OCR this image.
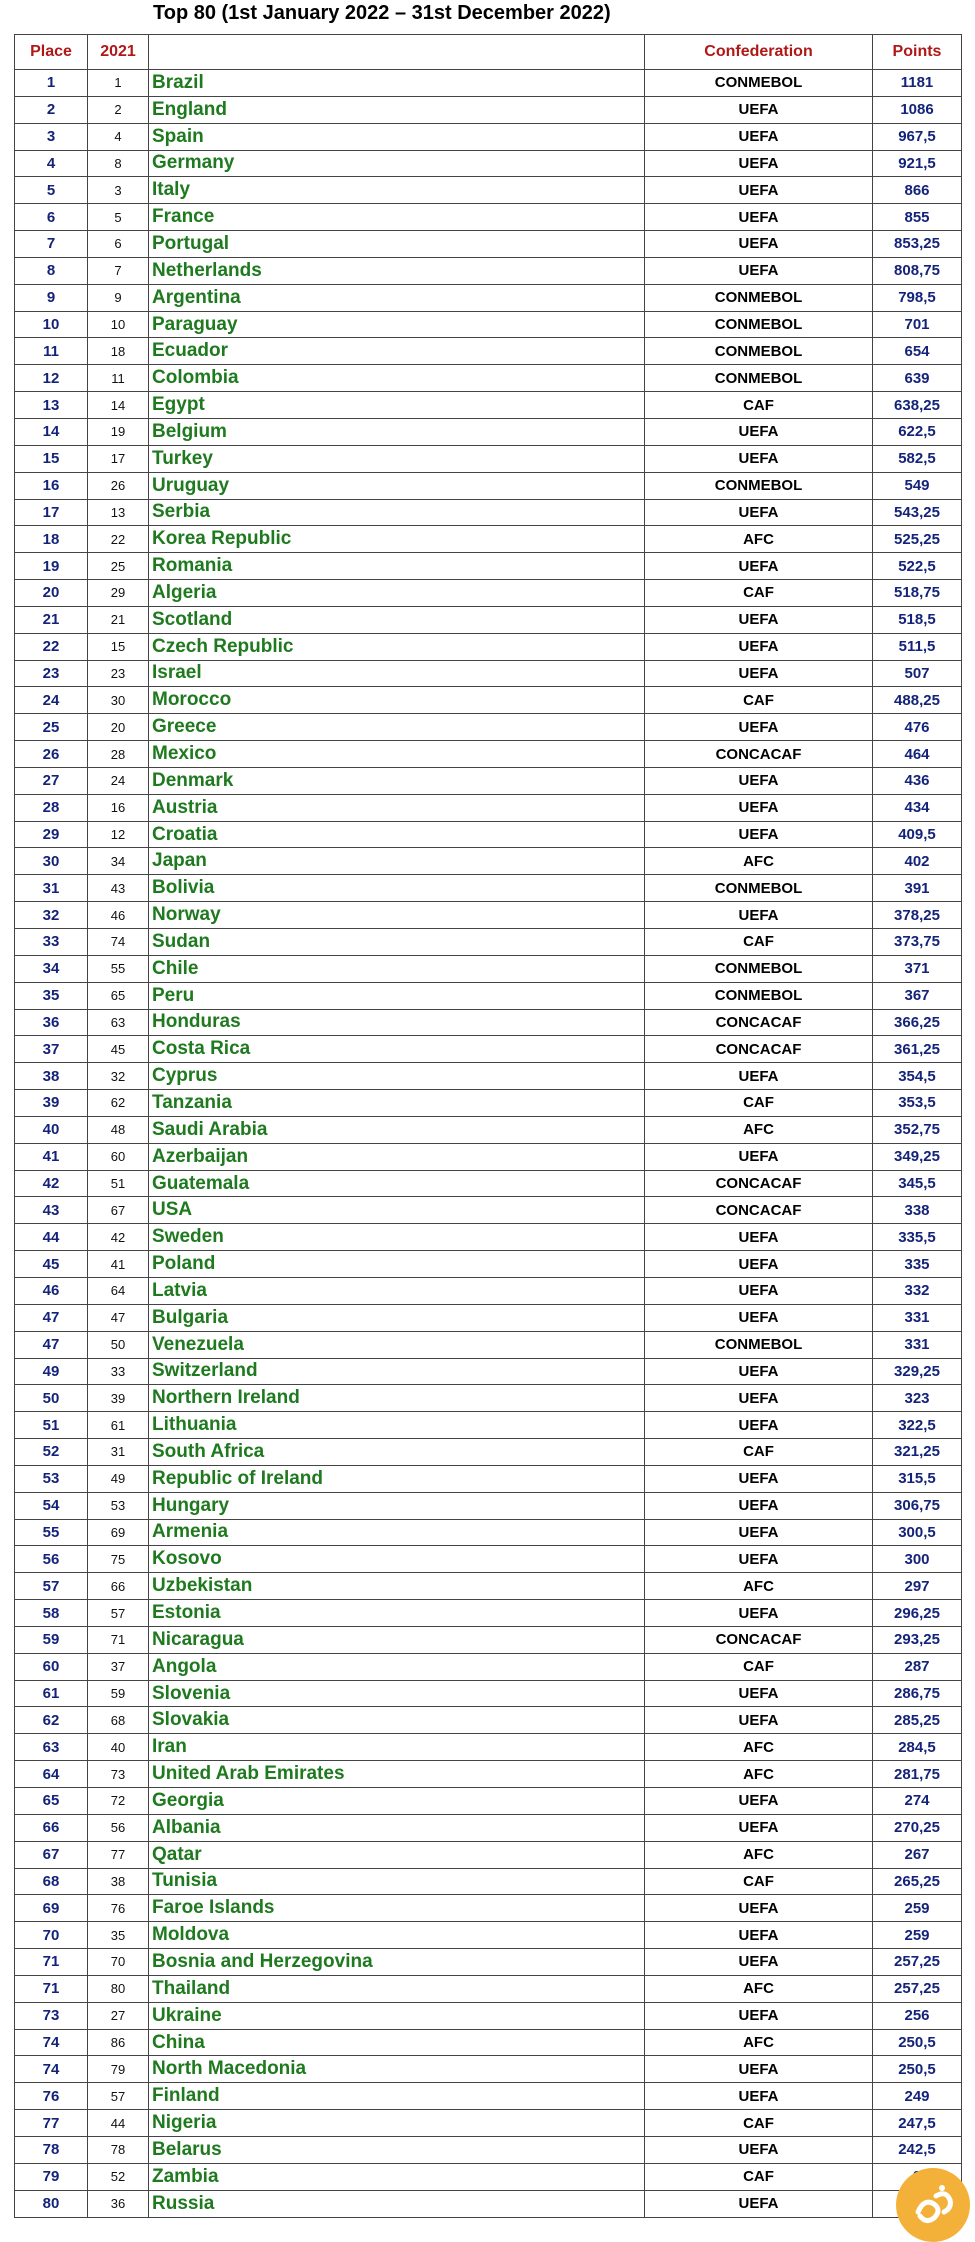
Top 80 (1st January 2022 – 31st December 2022)
Place	2021		Confederation	Points
1	1	Brazil	CONMEBOL	1181
2	2	England	UEFA	1086
3	4	Spain	UEFA	967,5
4	8	Germany	UEFA	921,5
5	3	Italy	UEFA	866
6	5	France	UEFA	855
7	6	Portugal	UEFA	853,25
8	7	Netherlands	UEFA	808,75
9	9	Argentina	CONMEBOL	798,5
10	10	Paraguay	CONMEBOL	701
11	18	Ecuador	CONMEBOL	654
12	11	Colombia	CONMEBOL	639
13	14	Egypt	CAF	638,25
14	19	Belgium	UEFA	622,5
15	17	Turkey	UEFA	582,5
16	26	Uruguay	CONMEBOL	549
17	13	Serbia	UEFA	543,25
18	22	Korea Republic	AFC	525,25
19	25	Romania	UEFA	522,5
20	29	Algeria	CAF	518,75
21	21	Scotland	UEFA	518,5
22	15	Czech Republic	UEFA	511,5
23	23	Israel	UEFA	507
24	30	Morocco	CAF	488,25
25	20	Greece	UEFA	476
26	28	Mexico	CONCACAF	464
27	24	Denmark	UEFA	436
28	16	Austria	UEFA	434
29	12	Croatia	UEFA	409,5
30	34	Japan	AFC	402
31	43	Bolivia	CONMEBOL	391
32	46	Norway	UEFA	378,25
33	74	Sudan	CAF	373,75
34	55	Chile	CONMEBOL	371
35	65	Peru	CONMEBOL	367
36	63	Honduras	CONCACAF	366,25
37	45	Costa Rica	CONCACAF	361,25
38	32	Cyprus	UEFA	354,5
39	62	Tanzania	CAF	353,5
40	48	Saudi Arabia	AFC	352,75
41	60	Azerbaijan	UEFA	349,25
42	51	Guatemala	CONCACAF	345,5
43	67	USA	CONCACAF	338
44	42	Sweden	UEFA	335,5
45	41	Poland	UEFA	335
46	64	Latvia	UEFA	332
47	47	Bulgaria	UEFA	331
47	50	Venezuela	CONMEBOL	331
49	33	Switzerland	UEFA	329,25
50	39	Northern Ireland	UEFA	323
51	61	Lithuania	UEFA	322,5
52	31	South Africa	CAF	321,25
53	49	Republic of Ireland	UEFA	315,5
54	53	Hungary	UEFA	306,75
55	69	Armenia	UEFA	300,5
56	75	Kosovo	UEFA	300
57	66	Uzbekistan	AFC	297
58	57	Estonia	UEFA	296,25
59	71	Nicaragua	CONCACAF	293,25
60	37	Angola	CAF	287
61	59	Slovenia	UEFA	286,75
62	68	Slovakia	UEFA	285,25
63	40	Iran	AFC	284,5
64	73	United Arab Emirates	AFC	281,75
65	72	Georgia	UEFA	274
66	56	Albania	UEFA	270,25
67	77	Qatar	AFC	267
68	38	Tunisia	CAF	265,25
69	76	Faroe Islands	UEFA	259
70	35	Moldova	UEFA	259
71	70	Bosnia and Herzegovina	UEFA	257,25
71	80	Thailand	AFC	257,25
73	27	Ukraine	UEFA	256
74	86	China	AFC	250,5
74	79	North Macedonia	UEFA	250,5
76	57	Finland	UEFA	249
77	44	Nigeria	CAF	247,5
78	78	Belarus	UEFA	242,5
79	52	Zambia	CAF	
80	36	Russia	UEFA	
